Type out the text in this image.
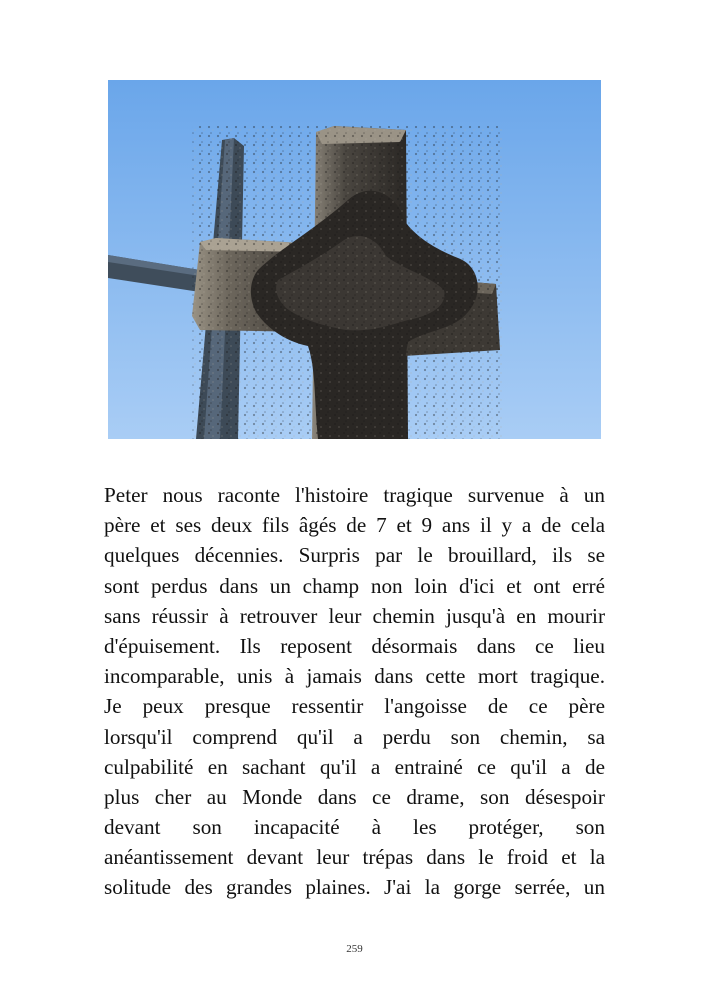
Peter nous raconte l'histoire tragique survenue à un
père et ses deux fils âgés de 7 et 9 ans il y a de cela
quelques décennies. Surpris par le brouillard, ils se
sont perdus dans un champ non loin d'ici et ont erré
sans réussir à retrouver leur chemin jusqu'à en mourir
d'épuisement. Ils reposent désormais dans ce lieu
incomparable, unis à jamais dans cette mort tragique.
Je peux presque ressentir l'angoisse de ce père
lorsqu'il comprend qu'il a perdu son chemin, sa
culpabilité en sachant qu'il a entrainé ce qu'il a de
plus cher au Monde dans ce drame, son désespoir
devant son incapacité à les protéger, son
anéantissement devant leur trépas dans le froid et la
solitude des grandes plaines. J'ai la gorge serrée, un
259
